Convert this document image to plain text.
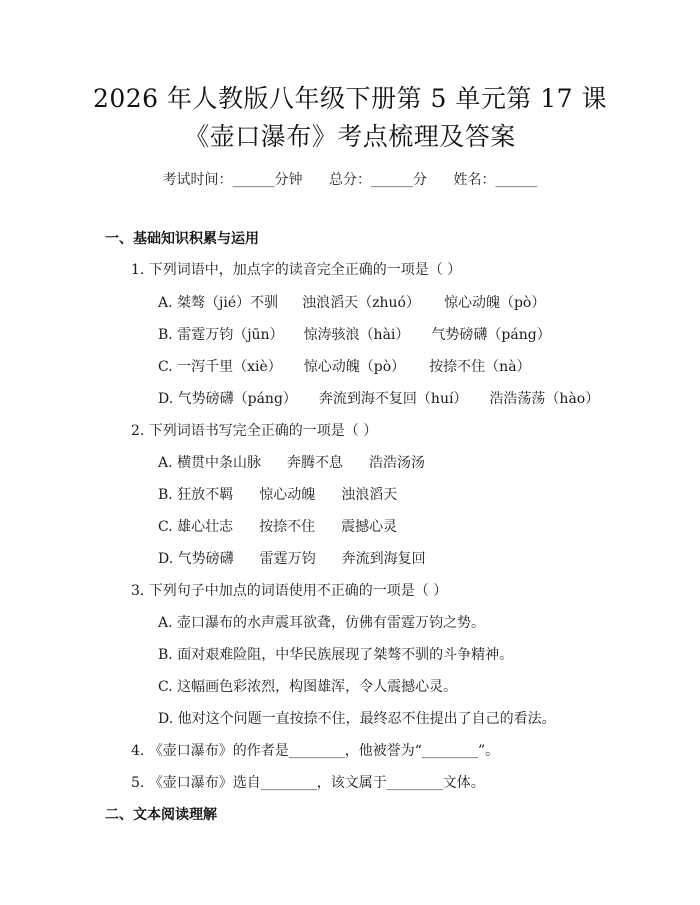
2026 年人教版八年级下册第 5 单元第 17 课
《壶口瀑布》考点梳理及答案
考试时间：______分钟 总分：______分 姓名：______
一、基础知识积累与运用
1. 下列词语中，加点字的读音完全正确的一项是（ ）
A. 桀骜（jié）不驯 浊浪滔天（zhuó） 惊心动魄（pò）
B. 雷霆万钧（jūn） 惊涛骇浪（hài） 气势磅礴（páng）
C. 一泻千里（xiè） 惊心动魄（pò） 按捺不住（nà）
D. 气势磅礴（páng） 奔流到海不复回（huí） 浩浩荡荡（hào）
2. 下列词语书写完全正确的一项是（ ）
A. 横贯中条山脉 奔腾不息 浩浩汤汤
B. 狂放不羁 惊心动魄 浊浪滔天
C. 雄心壮志 按捺不住 震撼心灵
D. 气势磅礴 雷霆万钧 奔流到海复回
3. 下列句子中加点的词语使用不正确的一项是（ ）
A. 壶口瀑布的水声震耳欲聋，仿佛有雷霆万钧之势。
B. 面对艰难险阻，中华民族展现了桀骜不驯的斗争精神。
C. 这幅画色彩浓烈，构图雄浑，令人震撼心灵。
D. 他对这个问题一直按捺不住，最终忍不住提出了自己的看法。
4. 《壶口瀑布》的作者是________，他被誉为“________”。
5. 《壶口瀑布》选自________，该文属于________文体。
二、文本阅读理解
